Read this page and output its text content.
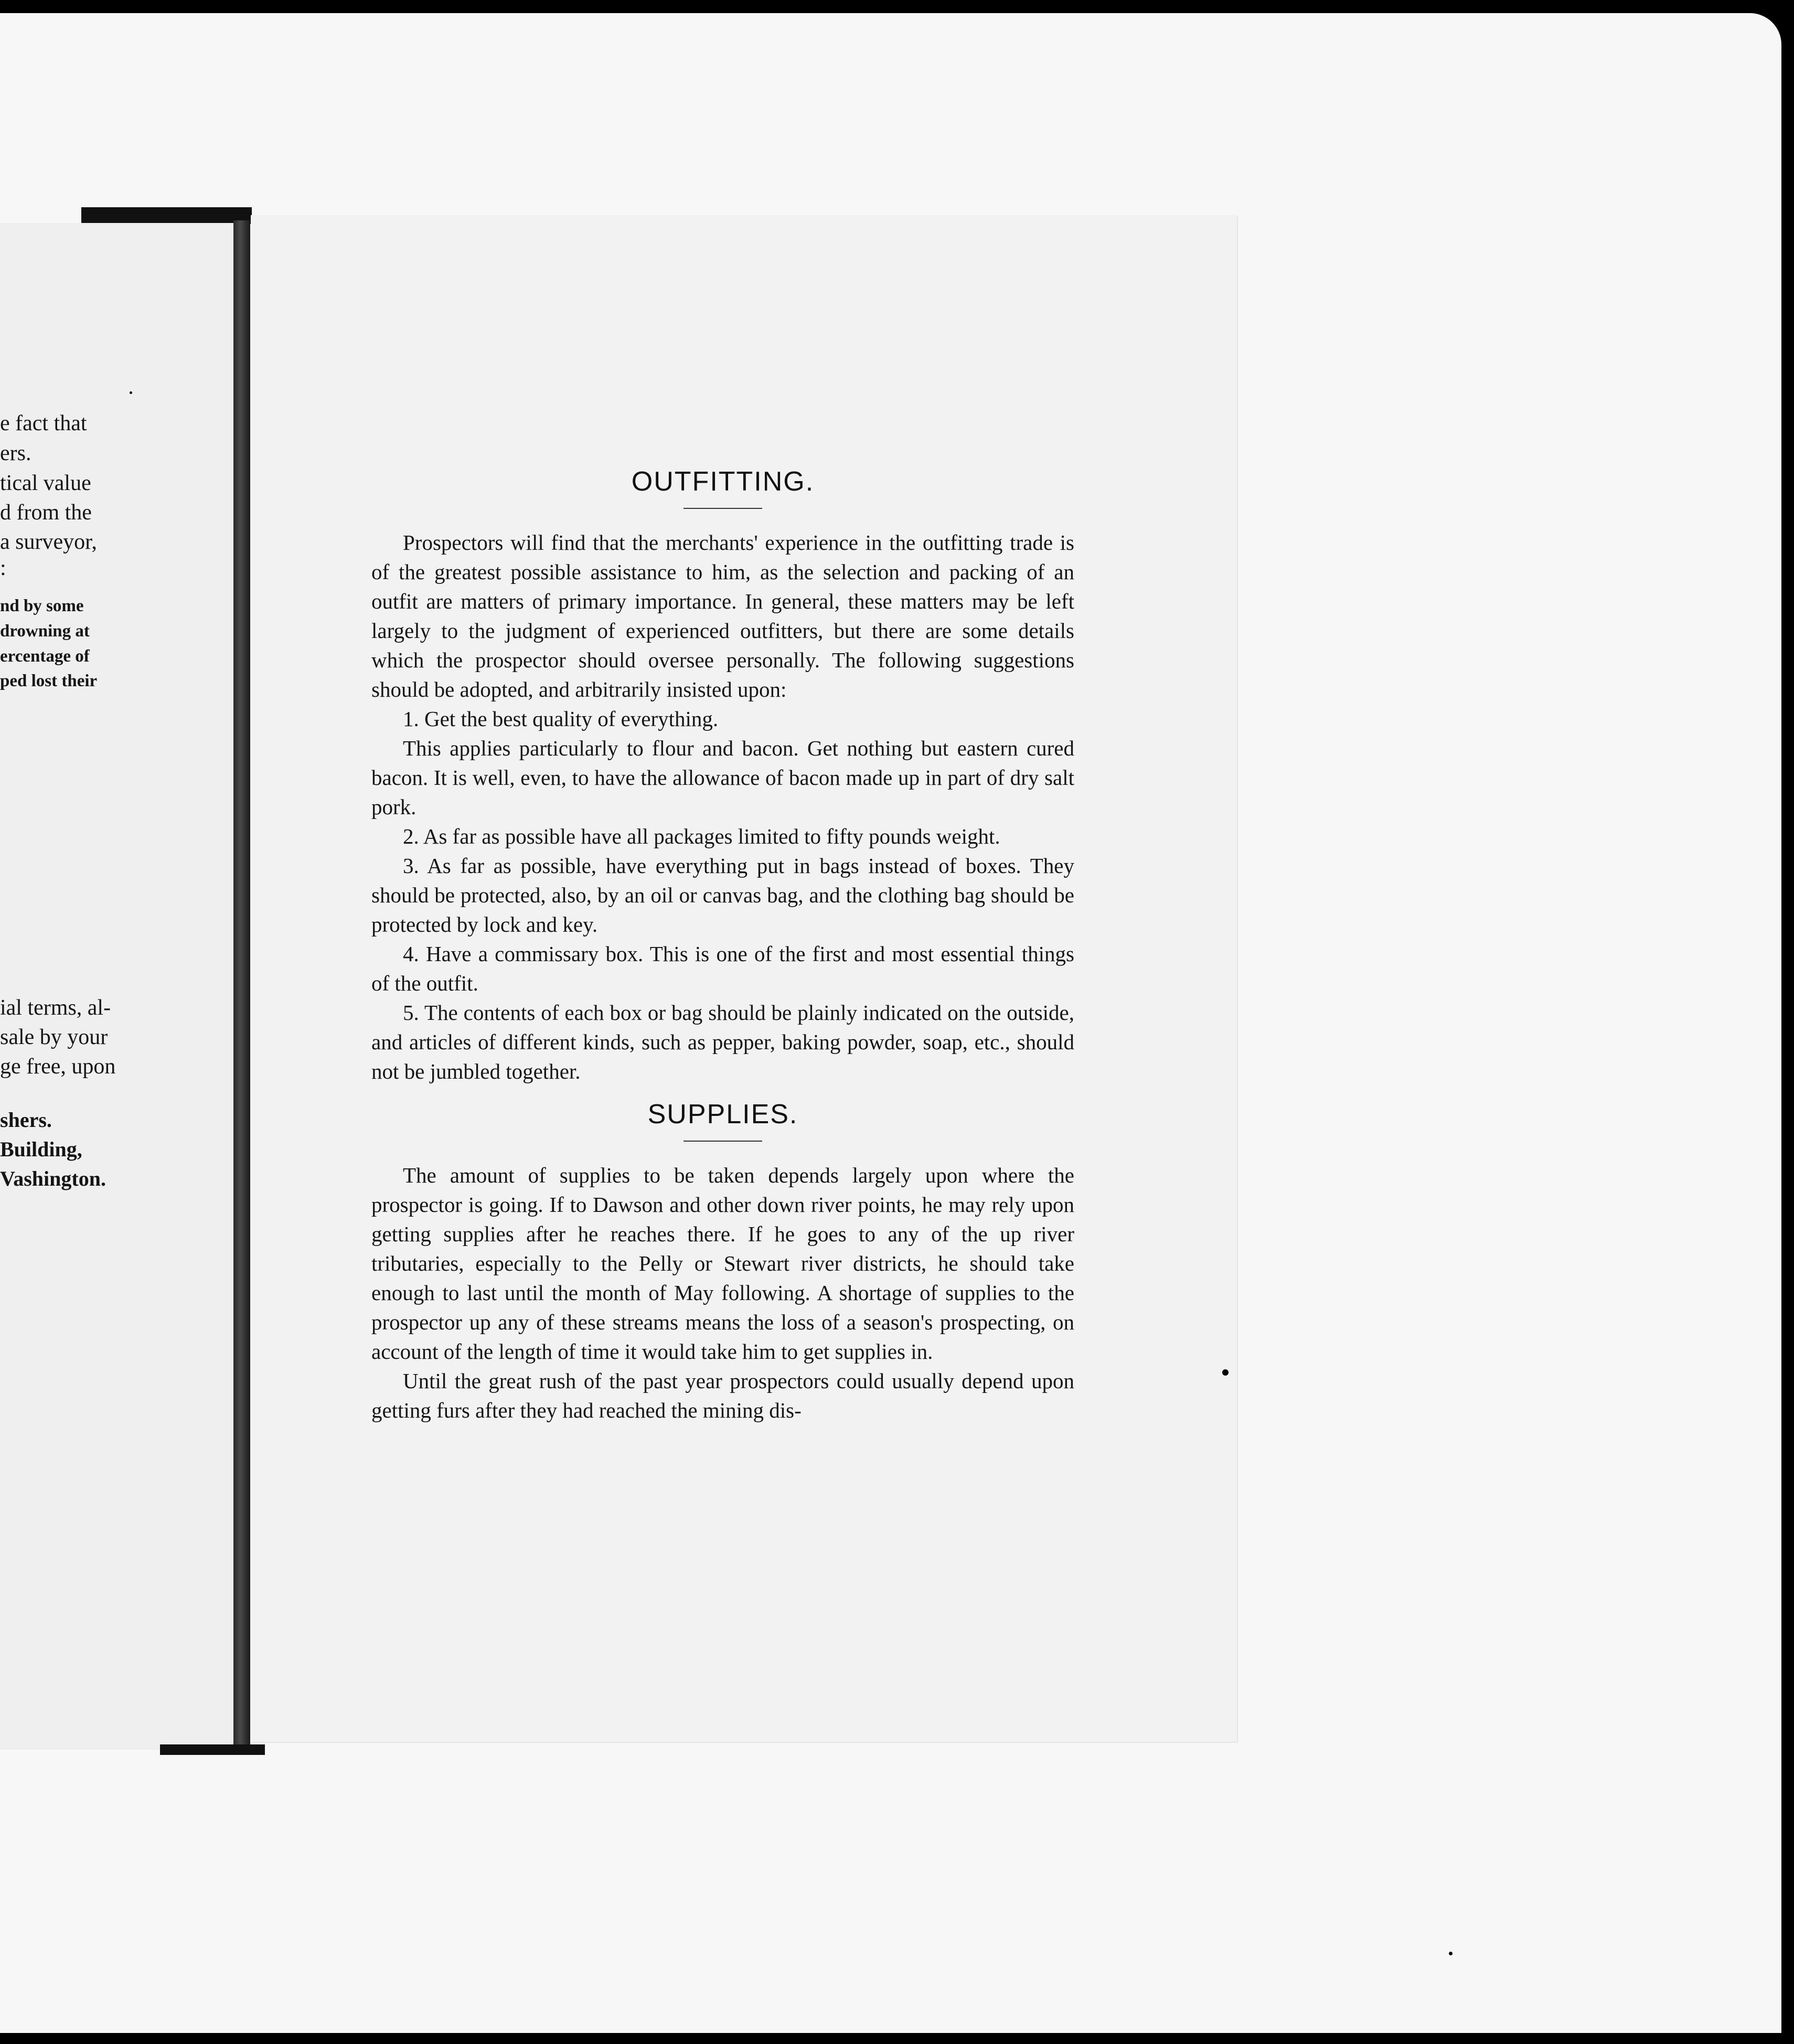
e fact that
ers.
tical value
d from the
a surveyor,
:
nd by some
drowning at
ercentage of
ped lost their
ial terms, al-
sale by your
ge free, upon
shers.
Building,
Vashington.
OUTFITTING.

Prospectors will find that the merchants' experience in the outfitting trade is of the greatest possible assistance to him, as the selection and packing of an outfit are matters of primary importance. In general, these matters may be left largely to the judgment of experienced outfitters, but there are some details which the prospector should oversee personally. The following suggestions should be adopted, and arbitrarily insisted upon:

1. Get the best quality of everything.

This applies particularly to flour and bacon. Get nothing but eastern cured bacon. It is well, even, to have the allowance of bacon made up in part of dry salt pork.

2. As far as possible have all packages limited to fifty pounds weight.

3. As far as possible, have everything put in bags instead of boxes. They should be protected, also, by an oil or canvas bag, and the clothing bag should be protected by lock and key.

4. Have a commissary box. This is one of the first and most essential things of the outfit.

5. The contents of each box or bag should be plainly indicated on the outside, and articles of different kinds, such as pepper, baking powder, soap, etc., should not be jumbled together.

SUPPLIES.

The amount of supplies to be taken depends largely upon where the prospector is going. If to Dawson and other down river points, he may rely upon getting supplies after he reaches there. If he goes to any of the up river tributaries, especially to the Pelly or Stewart river districts, he should take enough to last until the month of May following. A shortage of supplies to the prospector up any of these streams means the loss of a season's prospecting, on account of the length of time it would take him to get supplies in.

Until the great rush of the past year prospectors could usually depend upon getting furs after they had reached the mining dis-
